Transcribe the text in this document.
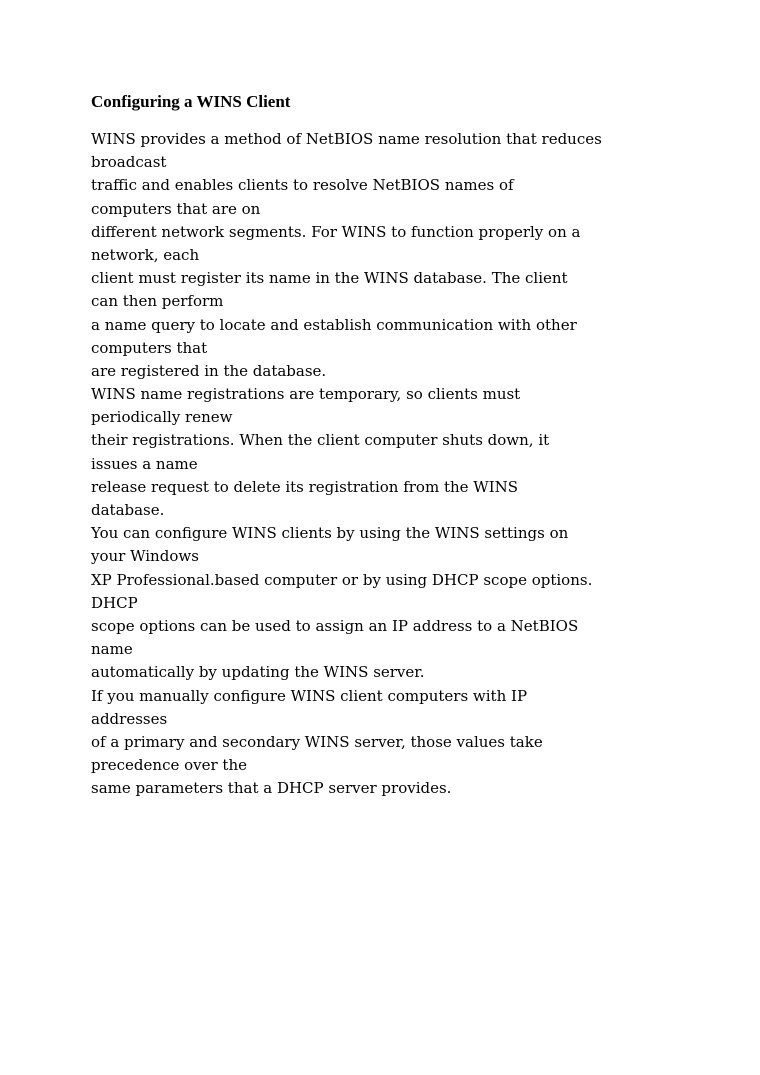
Configuring a WINS Client
WINS provides a method of NetBIOS name resolution that reduces
broadcast
traffic and enables clients to resolve NetBIOS names of
computers that are on
different network segments. For WINS to function properly on a
network, each
client must register its name in the WINS database. The client
can then perform
a name query to locate and establish communication with other
computers that
are registered in the database.
WINS name registrations are temporary, so clients must
periodically renew
their registrations. When the client computer shuts down, it
issues a name
release request to delete its registration from the WINS
database.
You can configure WINS clients by using the WINS settings on
your Windows
XP Professional.based computer or by using DHCP scope options.
DHCP
scope options can be used to assign an IP address to a NetBIOS
name
automatically by updating the WINS server.
If you manually configure WINS client computers with IP
addresses
of a primary and secondary WINS server, those values take
precedence over the
same parameters that a DHCP server provides.
